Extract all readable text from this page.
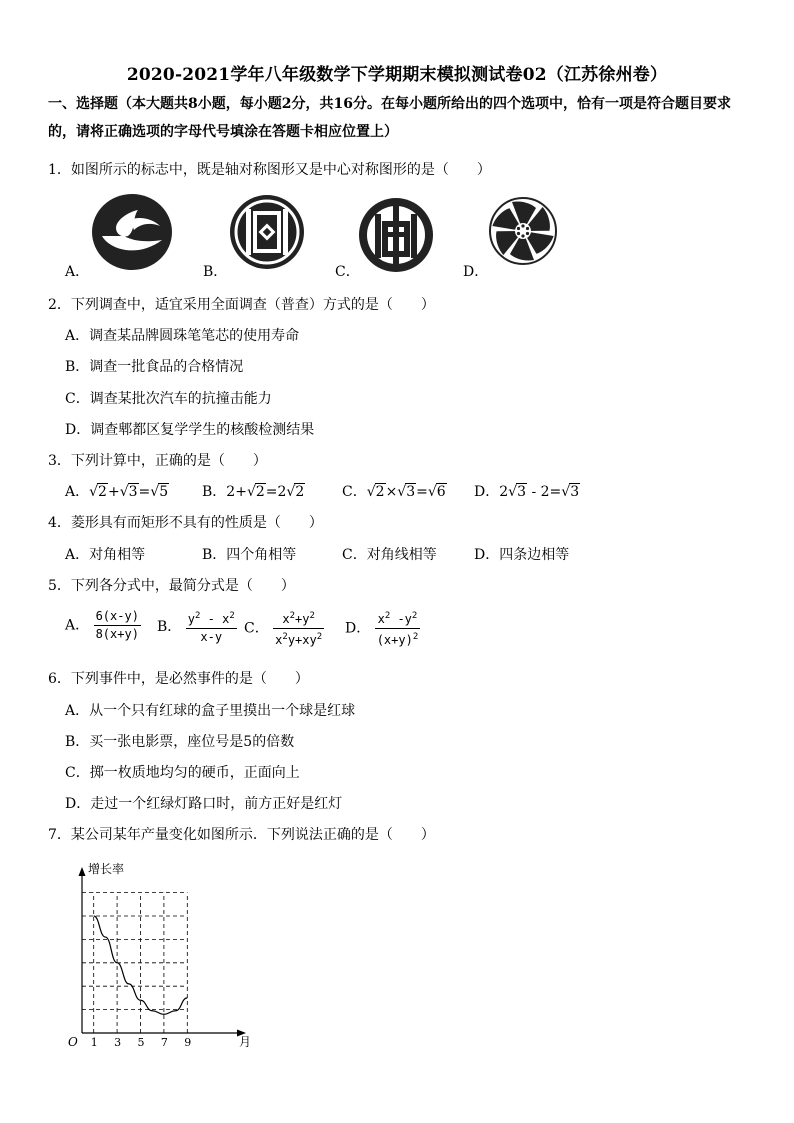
2020-2021学年八年级数学下学期期末模拟测试卷02（江苏徐州卷）
一、选择题（本大题共8小题，每小题2分，共16分。在每小题所给出的四个选项中，恰有一项是符合题目要求
的，请将正确选项的字母代号填涂在答题卡相应位置上）
1．如图所示的标志中，既是轴对称图形又是中心对称图形的是（　　）
A．	B．	C．	D．
2．下列调查中，适宜采用全面调查（普查）方式的是（　　）
A．调查某品牌圆珠笔笔芯的使用寿命
B．调查一批食品的合格情况
C．调查某批次汽车的抗撞击能力
D．调查郫都区复学学生的核酸检测结果
3．下列计算中，正确的是（　　）
A．√2+√3=√5 B．2+√2=2√2	C．√2×√3=√6 D．2√3 - 2=√3
4．菱形具有而矩形不具有的性质是（　　）
A．对角相等	B．四个角相等	C．对角线相等	D．四条边相等
5．下列各分式中，最简分式是（　　）
A． $\frac{6(x-y)}{8(x+y)}$ B． $\frac{y^2 - x^2}{x-y}$ C． $\frac{x^2+y^2}{x^2y+xy^2}$ D． $\frac{x^2 -y^2}{(x+y)^2}$
6．下列事件中，是必然事件的是（　　）
A．从一个只有红球的盒子里摸出一个球是红球
B．买一张电影票，座位号是5的倍数
C．掷一枚质地均匀的硬币，正面向上
D．走过一个红绿灯路口时，前方正好是红灯
7．某公司某年产量变化如图所示．下列说法正确的是（　　）
增长率
月
O 1 3 5 7 9
